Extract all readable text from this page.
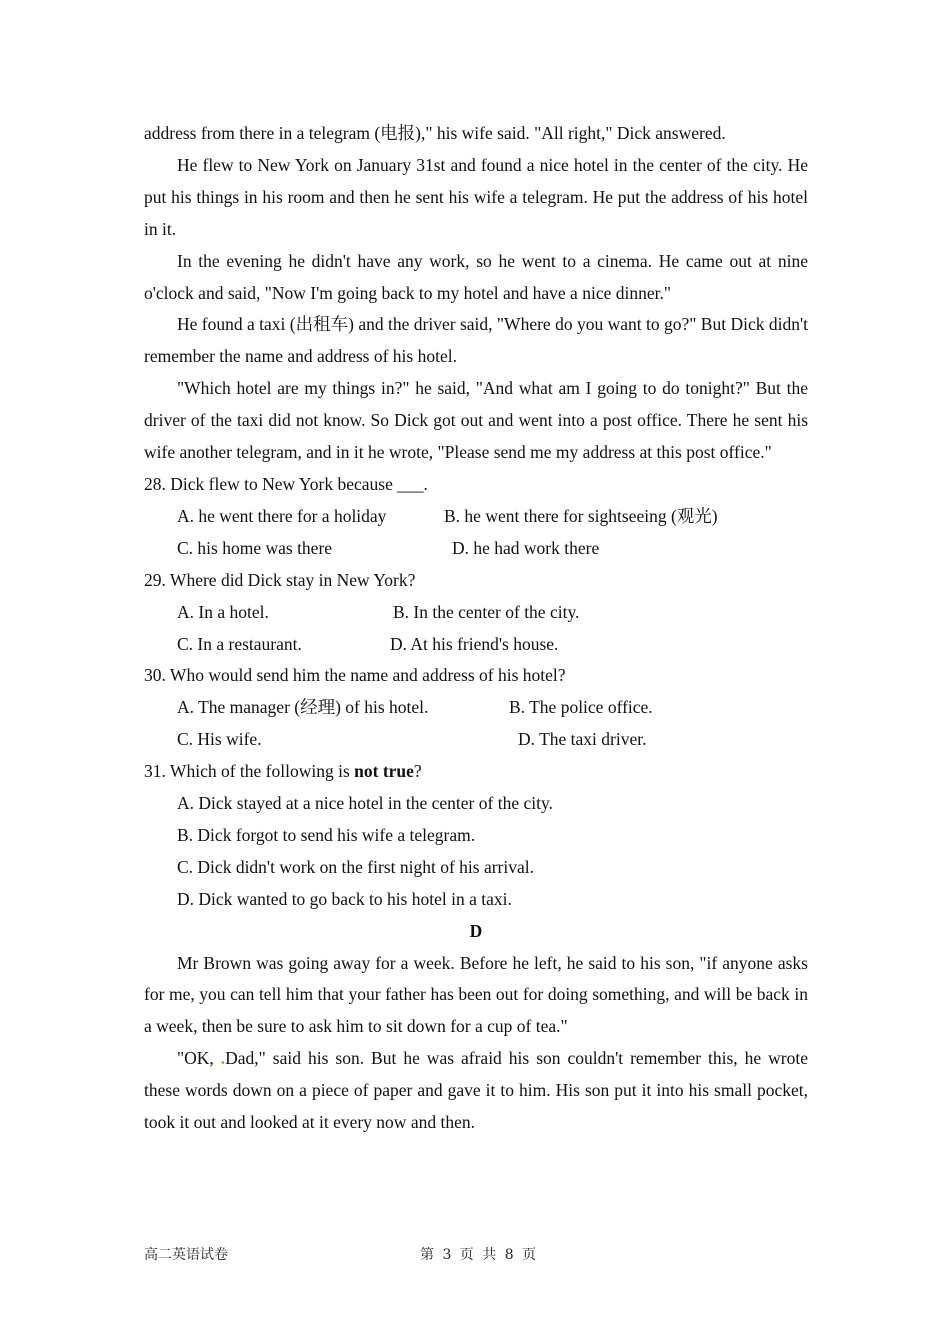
address from there in a telegram (电报)," his wife said. "All right," Dick answered.

He flew to New York on January 31st and found a nice hotel in the center of the city. He put his things in his room and then he sent his wife a telegram. He put the address of his hotel in it.

In the evening he didn't have any work, so he went to a cinema. He came out at nine o'clock and said, "Now I'm going back to my hotel and have a nice dinner."

He found a taxi (出租车) and the driver said, "Where do you want to go?" But Dick didn't remember the name and address of his hotel.

"Which hotel are my things in?" he said, "And what am I going to do tonight?" But the driver of the taxi did not know. So Dick got out and went into a post office. There he sent his wife another telegram, and in it he wrote, "Please send me my address at this post office."

28. Dick flew to New York because ___.

A. he went there for a holiday	B. he went there for sightseeing (观光)
C. his home was there	D. he had work there

29. Where did Dick stay in New York?

A. In a hotel.	B. In the center of the city.
C. In a restaurant.	D. At his friend's house.

30. Who would send him the name and address of his hotel?

A. The manager (经理) of his hotel.	B. The police office.
C. His wife.	D. The taxi driver.

31. Which of the following is not true?

A. Dick stayed at a nice hotel in the center of the city.

B. Dick forgot to send his wife a telegram.

C. Dick didn't work on the first night of his arrival.

D. Dick wanted to go back to his hotel in a taxi.

D

Mr Brown was going away for a week. Before he left, he said to his son, "if anyone asks for me, you can tell him that your father has been out for doing something, and will be back in a week, then be sure to ask him to sit down for a cup of tea."

"OK, .Dad," said his son. But he was afraid his son couldn't remember this, he wrote these words down on a piece of paper and gave it to him. His son put it into his small pocket, took it out and looked at it every now and then.

高二英语试卷	第 3 页 共 8 页
